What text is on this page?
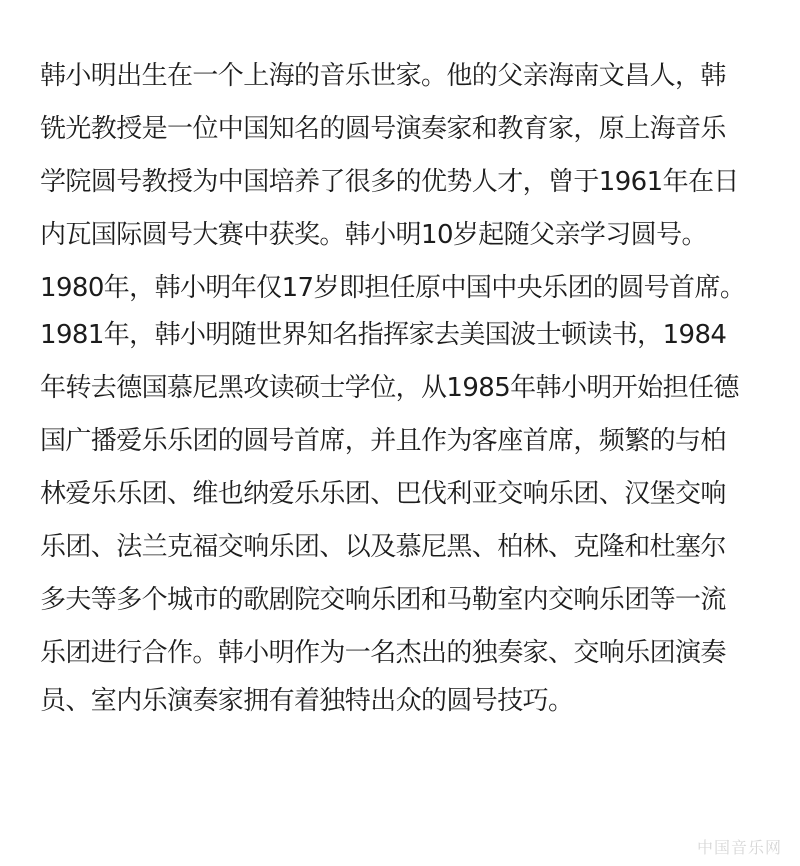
韩小明出生在一个上海的音乐世家。他的父亲海南文昌人，韩
铣光教授是一位中国知名的圆号演奏家和教育家，原上海音乐
学院圆号教授为中国培养了很多的优势人才，曾于1961年在日
内瓦国际圆号大赛中获奖。韩小明10岁起随父亲学习圆号。
1980年，韩小明年仅17岁即担任原中国中央乐团的圆号首席。
1981年，韩小明随世界知名指挥家去美国波士顿读书，1984
年转去德国慕尼黑攻读硕士学位，从1985年韩小明开始担任德
国广播爱乐乐团的圆号首席，并且作为客座首席，频繁的与柏
林爱乐乐团、维也纳爱乐乐团、巴伐利亚交响乐团、汉堡交响
乐团、法兰克福交响乐团、以及慕尼黑、柏林、克隆和杜塞尔
多夫等多个城市的歌剧院交响乐团和马勒室内交响乐团等一流
乐团进行合作。韩小明作为一名杰出的独奏家、交响乐团演奏
员、室内乐演奏家拥有着独特出众的圆号技巧。
中国音乐网
